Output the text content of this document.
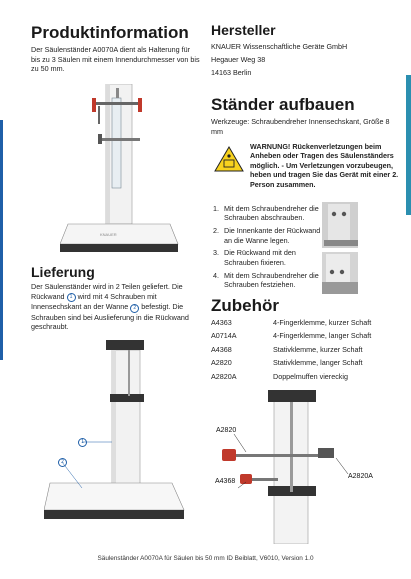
Produktinformation
Der Säulenständer A0070A dient als Halterung für bis zu 3 Säulen mit einem Innendurchmesser von bis zu 50 mm.
KNAUER
Lieferung
Der Säulenständer wird in 2 Teilen geliefert. Die Rückwand 1 wird mit 4 Schrauben mit Innensechskant an der Wanne 2 befestigt. Die Schrauben sind bei Auslieferung in die Rückwand geschraubt.
1
2
Hersteller
KNAUER Wissenschaftliche Geräte GmbH
Hegauer Weg 38
14163 Berlin
Ständer aufbauen
Werkzeuge: Schraubendreher Innensechskant, Größe 8 mm
WARNUNG! Rückenverletzungen beim Anheben oder Tragen des Säulenständers möglich. - Um Verletzungen vorzubeugen, heben und tragen Sie das Gerät mit einer 2. Person zusammen.
1. Mit dem Schraubendreher die Schrauben abschrauben.
2. Die Innenkante der Rückwand an die Wanne legen.
3. Die Rückwand mit den Schrauben fixieren.
4. Mit dem Schraubendreher die Schrauben festziehen.
Zubehör
A4363	4-Fingerklemme, kurzer Schaft
A0714A	4-Fingerklemme, langer Schaft
A4368	Stativklemme, kurzer Schaft
A2820	Stativklemme, langer Schaft
A2820A	Doppelmuffen viereckig
A2820
A2820A
A4368
Säulenständer A0070A für Säulen bis 50 mm ID Beiblatt, V6010, Version 1.0
